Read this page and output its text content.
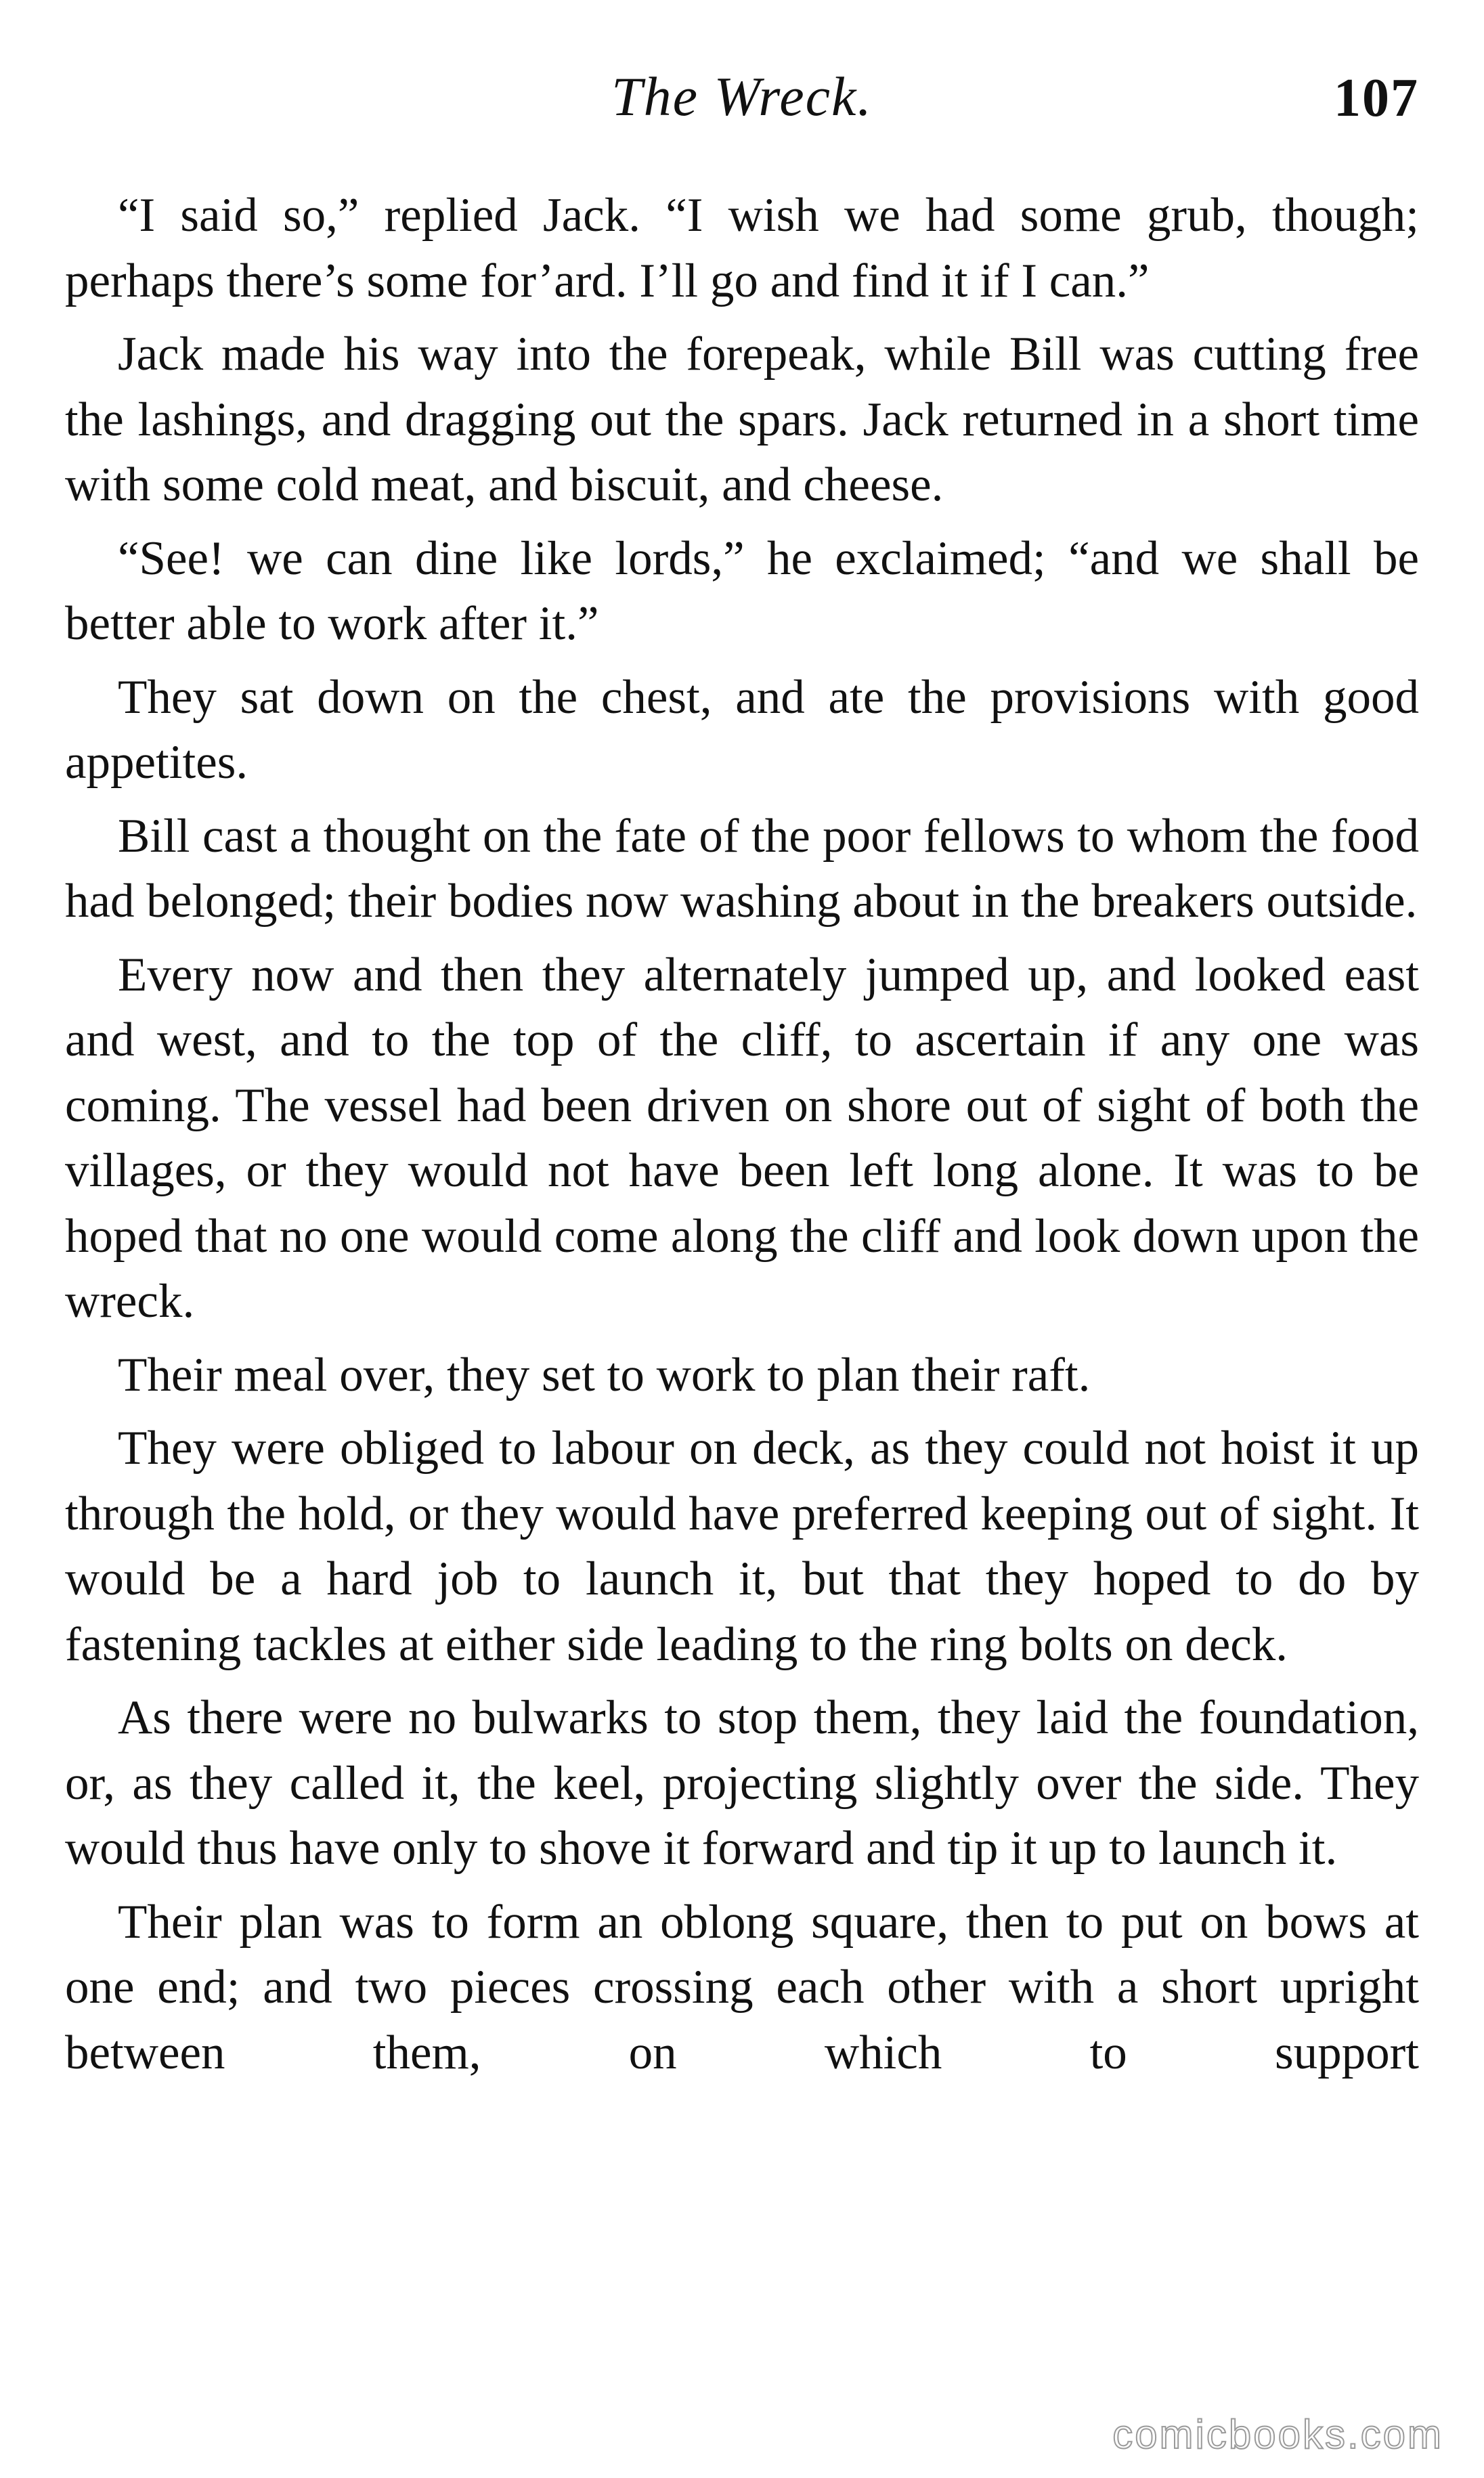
The Wreck.	107

“I said so,” replied Jack. “I wish we had some grub, though; perhaps there’s some for’ard. I’ll go and find it if I can.”

Jack made his way into the forepeak, while Bill was cutting free the lashings, and dragging out the spars. Jack returned in a short time with some cold meat, and biscuit, and cheese.

“See! we can dine like lords,” he exclaimed; “and we shall be better able to work after it.”

They sat down on the chest, and ate the provisions with good appetites.

Bill cast a thought on the fate of the poor fellows to whom the food had belonged; their bodies now washing about in the breakers outside.

Every now and then they alternately jumped up, and looked east and west, and to the top of the cliff, to ascertain if any one was coming. The vessel had been driven on shore out of sight of both the villages, or they would not have been left long alone. It was to be hoped that no one would come along the cliff and look down upon the wreck.

Their meal over, they set to work to plan their raft.

They were obliged to labour on deck, as they could not hoist it up through the hold, or they would have preferred keeping out of sight. It would be a hard job to launch it, but that they hoped to do by fastening tackles at either side leading to the ring bolts on deck.

As there were no bulwarks to stop them, they laid the foundation, or, as they called it, the keel, projecting slightly over the side. They would thus have only to shove it forward and tip it up to launch it.

Their plan was to form an oblong square, then to put on bows at one end; and two pieces crossing each other with a short upright between them, on which to support

comicbooks.com
